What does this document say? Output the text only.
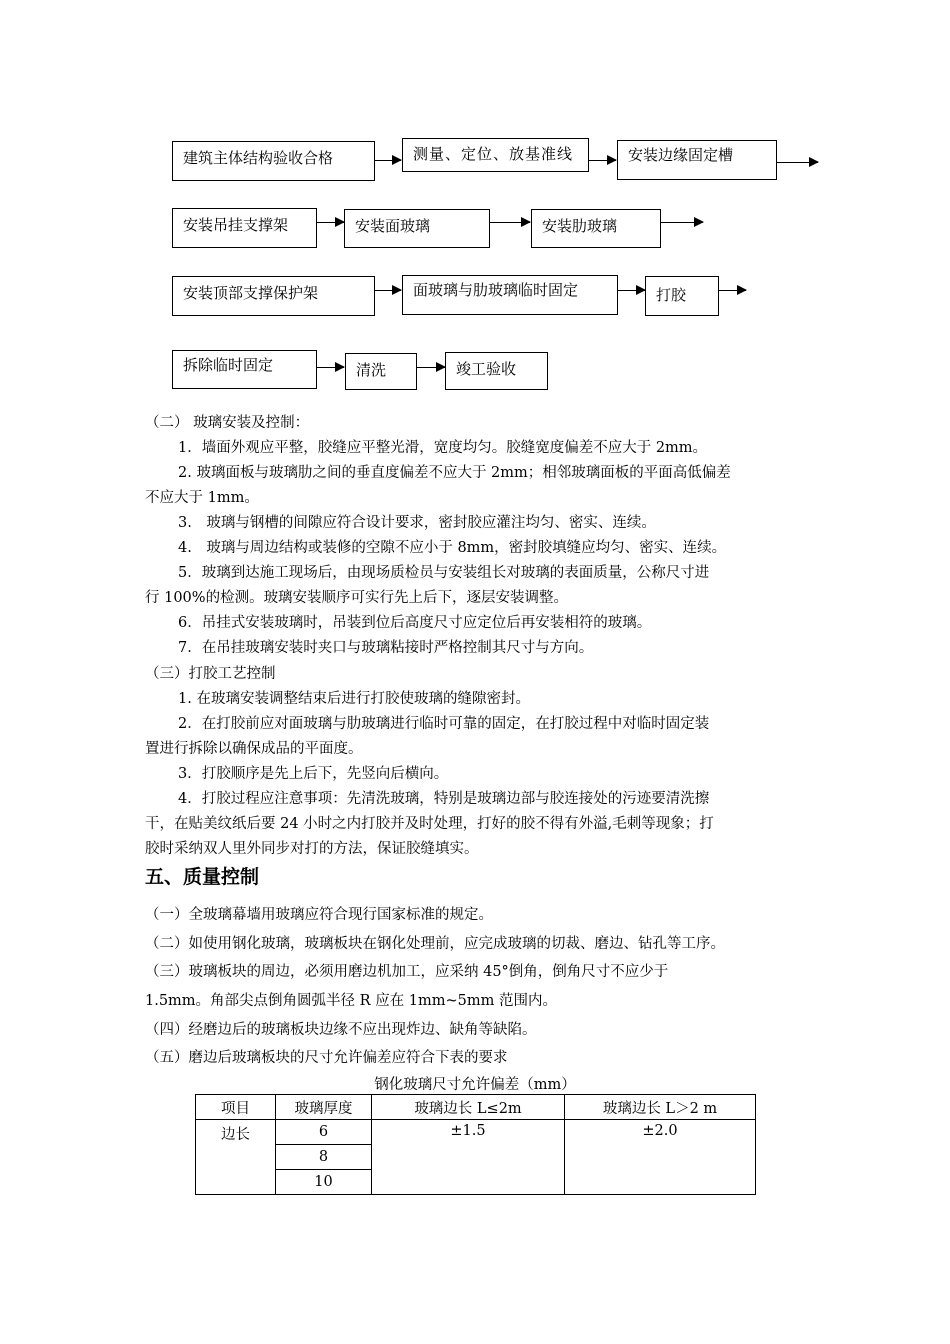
建筑主体结构验收合格	测量、定位、放基准线	安装边缘固定槽
安装吊挂支撑架	安装面玻璃	安装肋玻璃
安装顶部支撑保护架	面玻璃与肋玻璃临时固定	打胶
拆除临时固定	清洗	竣工验收
（二） 玻璃安装及控制：
1．墙面外观应平整，胶缝应平整光滑，宽度均匀。胶缝宽度偏差不应大于 2mm。
2. 玻璃面板与玻璃肋之间的垂直度偏差不应大于 2mm；相邻玻璃面板的平面高低偏差
不应大于 1mm。
3.　玻璃与钢槽的间隙应符合设计要求，密封胶应灌注均匀、密实、连续。
4.　玻璃与周边结构或装修的空隙不应小于 8mm，密封胶填缝应均匀、密实、连续。
5．玻璃到达施工现场后，由现场质检员与安装组长对玻璃的表面质量，公称尺寸进
行 100%的检测。玻璃安装顺序可实行先上后下，逐层安装调整。
6．吊挂式安装玻璃时，吊装到位后高度尺寸应定位后再安装相符的玻璃。
7．在吊挂玻璃安装时夹口与玻璃粘接时严格控制其尺寸与方向。
（三）打胶工艺控制
1. 在玻璃安装调整结束后进行打胶使玻璃的缝隙密封。
2．在打胶前应对面玻璃与肋玻璃进行临时可靠的固定，在打胶过程中对临时固定装
置进行拆除以确保成品的平面度。
3．打胶顺序是先上后下，先竖向后横向。
4．打胶过程应注意事项：先清洗玻璃，特别是玻璃边部与胶连接处的污迹要清洗擦
干，在贴美纹纸后要 24 小时之内打胶并及时处理，打好的胶不得有外溢,毛刺等现象；打
胶时采纳双人里外同步对打的方法，保证胶缝填实。
五、质量控制
（一）全玻璃幕墙用玻璃应符合现行国家标准的规定。
（二）如使用钢化玻璃，玻璃板块在钢化处理前，应完成玻璃的切裁、磨边、钻孔等工序。
（三）玻璃板块的周边，必须用磨边机加工，应采纳 45°倒角，倒角尺寸不应少于
1.5mm。角部尖点倒角圆弧半径 R 应在 1mm~5mm 范围内。
（四）经磨边后的玻璃板块边缘不应出现炸边、缺角等缺陷。
（五）磨边后玻璃板块的尺寸允许偏差应符合下表的要求
钢化玻璃尺寸允许偏差（mm）
项目	玻璃厚度	玻璃边长 L≤2m	玻璃边长 L＞2 m
边长	6	±1.5	±2.0
	8		
	10		
